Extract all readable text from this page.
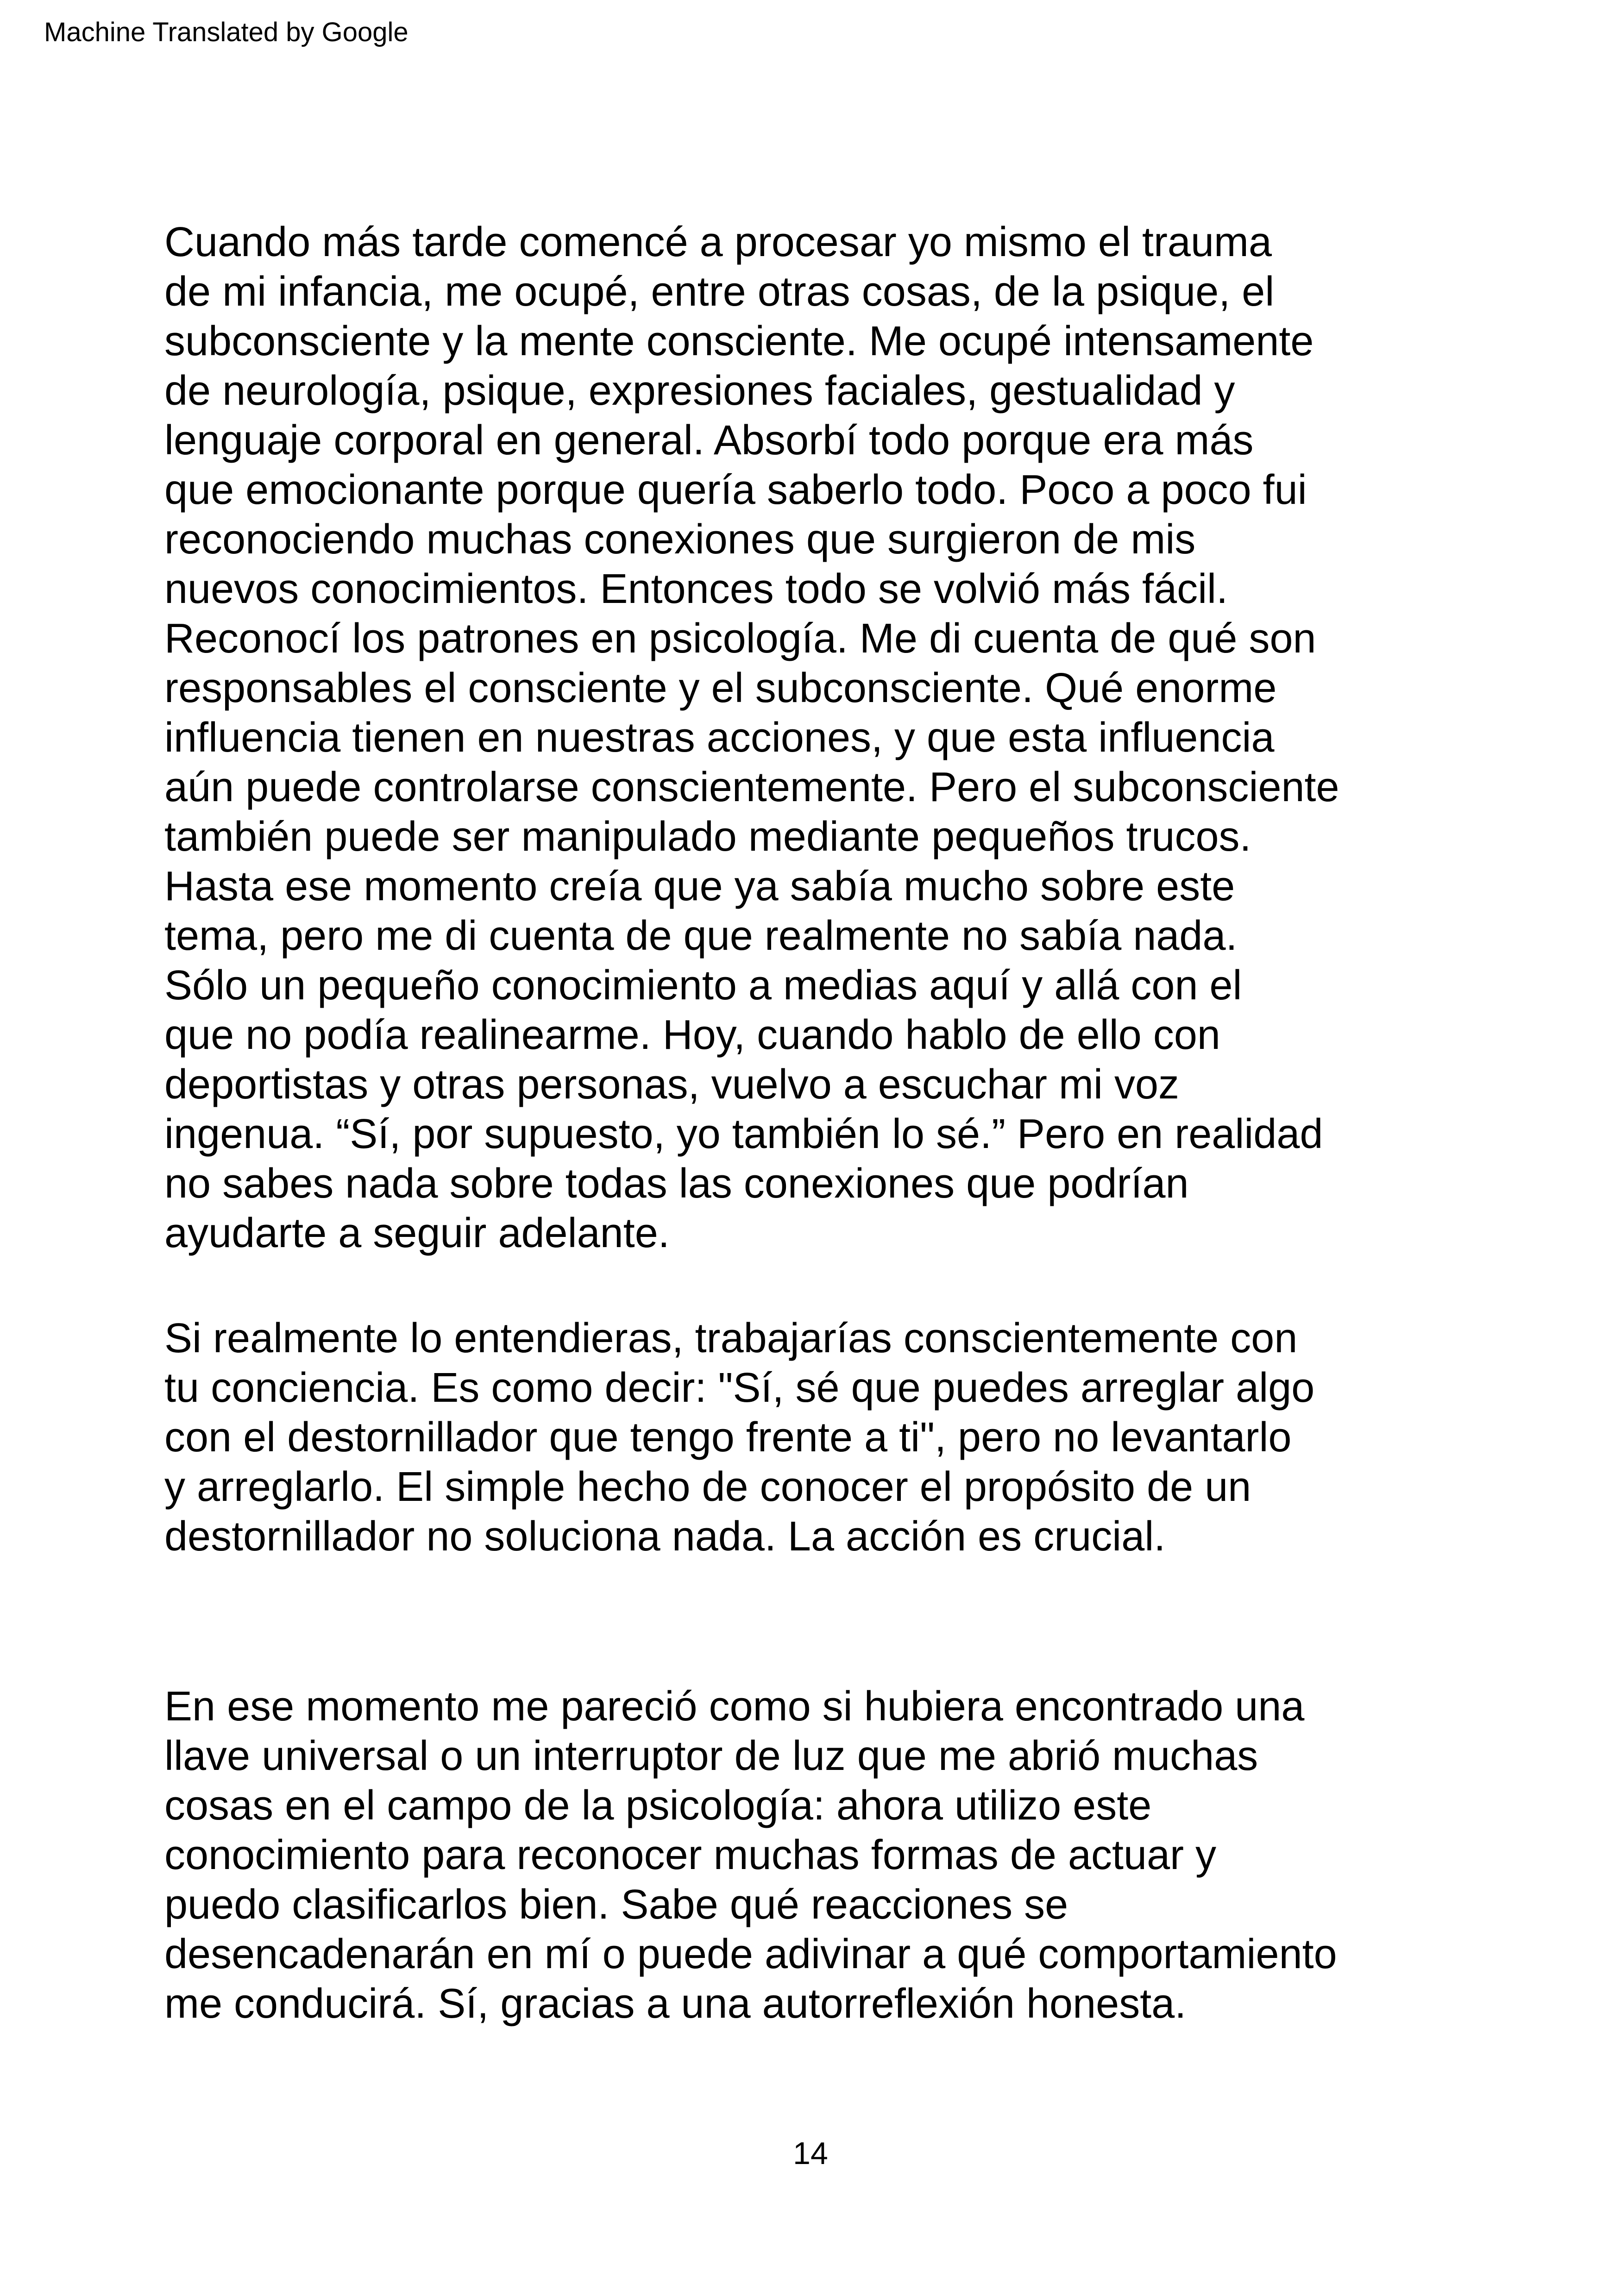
Machine Translated by Google

Cuando más tarde comencé a procesar yo mismo el trauma
de mi infancia, me ocupé, entre otras cosas, de la psique, el
subconsciente y la mente consciente. Me ocupé intensamente
de neurología, psique, expresiones faciales, gestualidad y
lenguaje corporal en general. Absorbí todo porque era más
que emocionante porque quería saberlo todo. Poco a poco fui
reconociendo muchas conexiones que surgieron de mis
nuevos conocimientos. Entonces todo se volvió más fácil.
Reconocí los patrones en psicología. Me di cuenta de qué son
responsables el consciente y el subconsciente. Qué enorme
influencia tienen en nuestras acciones, y que esta influencia
aún puede controlarse conscientemente. Pero el subconsciente
también puede ser manipulado mediante pequeños trucos.
Hasta ese momento creía que ya sabía mucho sobre este
tema, pero me di cuenta de que realmente no sabía nada.
Sólo un pequeño conocimiento a medias aquí y allá con el
que no podía realinearme. Hoy, cuando hablo de ello con
deportistas y otras personas, vuelvo a escuchar mi voz
ingenua. “Sí, por supuesto, yo también lo sé.” Pero en realidad
no sabes nada sobre todas las conexiones que podrían
ayudarte a seguir adelante.

Si realmente lo entendieras, trabajarías conscientemente con
tu conciencia. Es como decir: "Sí, sé que puedes arreglar algo
con el destornillador que tengo frente a ti", pero no levantarlo
y arreglarlo. El simple hecho de conocer el propósito de un
destornillador no soluciona nada. La acción es crucial.

En ese momento me pareció como si hubiera encontrado una
llave universal o un interruptor de luz que me abrió muchas
cosas en el campo de la psicología: ahora utilizo este
conocimiento para reconocer muchas formas de actuar y
puedo clasificarlos bien. Sabe qué reacciones se
desencadenarán en mí o puede adivinar a qué comportamiento
me conducirá. Sí, gracias a una autorreflexión honesta.

14
